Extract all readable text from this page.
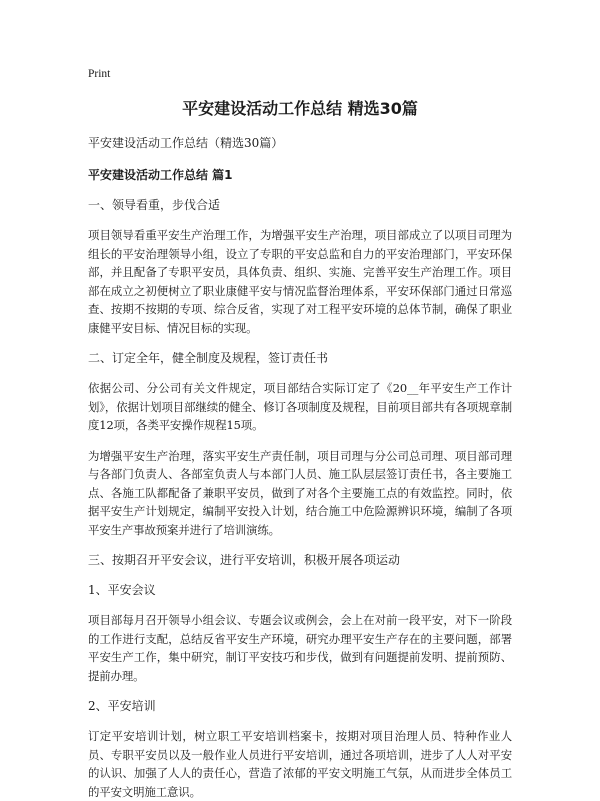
Print
平安建设活动工作总结 精选30篇
平安建设活动工作总结（精选30篇）
平安建设活动工作总结 篇1
一、领导看重，步伐合适
项目领导看重平安生产治理工作，为增强平安生产治理，项目部成立了以项目司理为组长的平安治理领导小组，设立了专职的平安总监和自力的平安治理部门，平安环保部，并且配备了专职平安员，具体负责、组织、实施、完善平安生产治理工作。项目部在成立之初便树立了职业康健平安与情况监督治理体系，平安环保部门通过日常巡查、按期不按期的专项、综合反省，实现了对工程平安环境的总体节制，确保了职业康健平安目标、情况目标的实现。
二、订定全年，健全制度及规程，签订责任书
依据公司、分公司有关文件规定，项目部结合实际订定了《20__年平安生产工作计划》，依据计划项目部继续的健全、修订各项制度及规程，目前项目部共有各项规章制度12项，各类平安操作规程15项。
为增强平安生产治理，落实平安生产责任制，项目司理与分公司总司理、项目部司理与各部门负责人、各部室负责人与本部门人员、施工队层层签订责任书，各主要施工点、各施工队都配备了兼职平安员，做到了对各个主要施工点的有效监控。同时，依据平安生产计划规定，编制平安投入计划，结合施工中危险源辨识环境，编制了各项平安生产事故预案并进行了培训演练。
三、按期召开平安会议，进行平安培训，积极开展各项运动
1、平安会议
项目部每月召开领导小组会议、专题会议或例会，会上在对前一段平安，对下一阶段的工作进行支配，总结反省平安生产环境，研究办理平安生产存在的主要问题，部署平安生产工作，集中研究，制订平安技巧和步伐，做到有问题提前发明、提前预防、提前办理。
2、平安培训
订定平安培训计划，树立职工平安培训档案卡，按期对项目治理人员、特种作业人员、专职平安员以及一般作业人员进行平安培训，通过各项培训，进步了人人对平安的认识、加强了人人的责任心，营造了浓郁的平安文明施工气氛，从而进步全体员工的平安文明施工意识。
